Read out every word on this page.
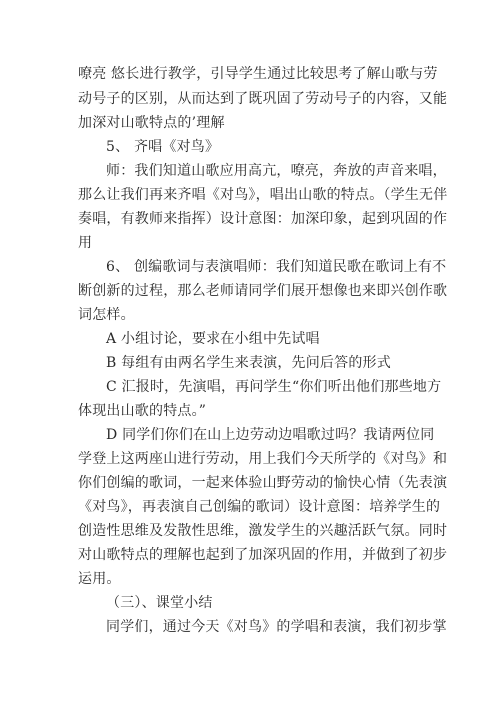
嘹亮 悠长进行教学，引导学生通过比较思考了解山歌与劳
动号子的区别，从而达到了既巩固了劳动号子的内容，又能
加深对山歌特点的’理解
5、 齐唱《对鸟》
师：我们知道山歌应用高亢，嘹亮，奔放的声音来唱，
那么让我们再来齐唱《对鸟》，唱出山歌的特点。（学生无伴
奏唱，有教师来指挥）设计意图：加深印象，起到巩固的作
用
6、 创编歌词与表演唱师：我们知道民歌在歌词上有不
断创新的过程，那么老师请同学们展开想像也来即兴创作歌
词怎样。
A 小组讨论，要求在小组中先试唱
B 每组有由两名学生来表演，先问后答的形式
C 汇报时，先演唱，再问学生“你们听出他们那些地方
体现出山歌的特点。”
D 同学们你们在山上边劳动边唱歌过吗？我请两位同
学登上这两座山进行劳动，用上我们今天所学的《对鸟》和
你们创编的歌词，一起来体验山野劳动的愉快心情（先表演
《对鸟》，再表演自己创编的歌词）设计意图：培养学生的
创造性思维及发散性思维，激发学生的兴趣活跃气氛。同时
对山歌特点的理解也起到了加深巩固的作用，并做到了初步
运用。
（三）、课堂小结
同学们，通过今天《对鸟》的学唱和表演，我们初步掌
